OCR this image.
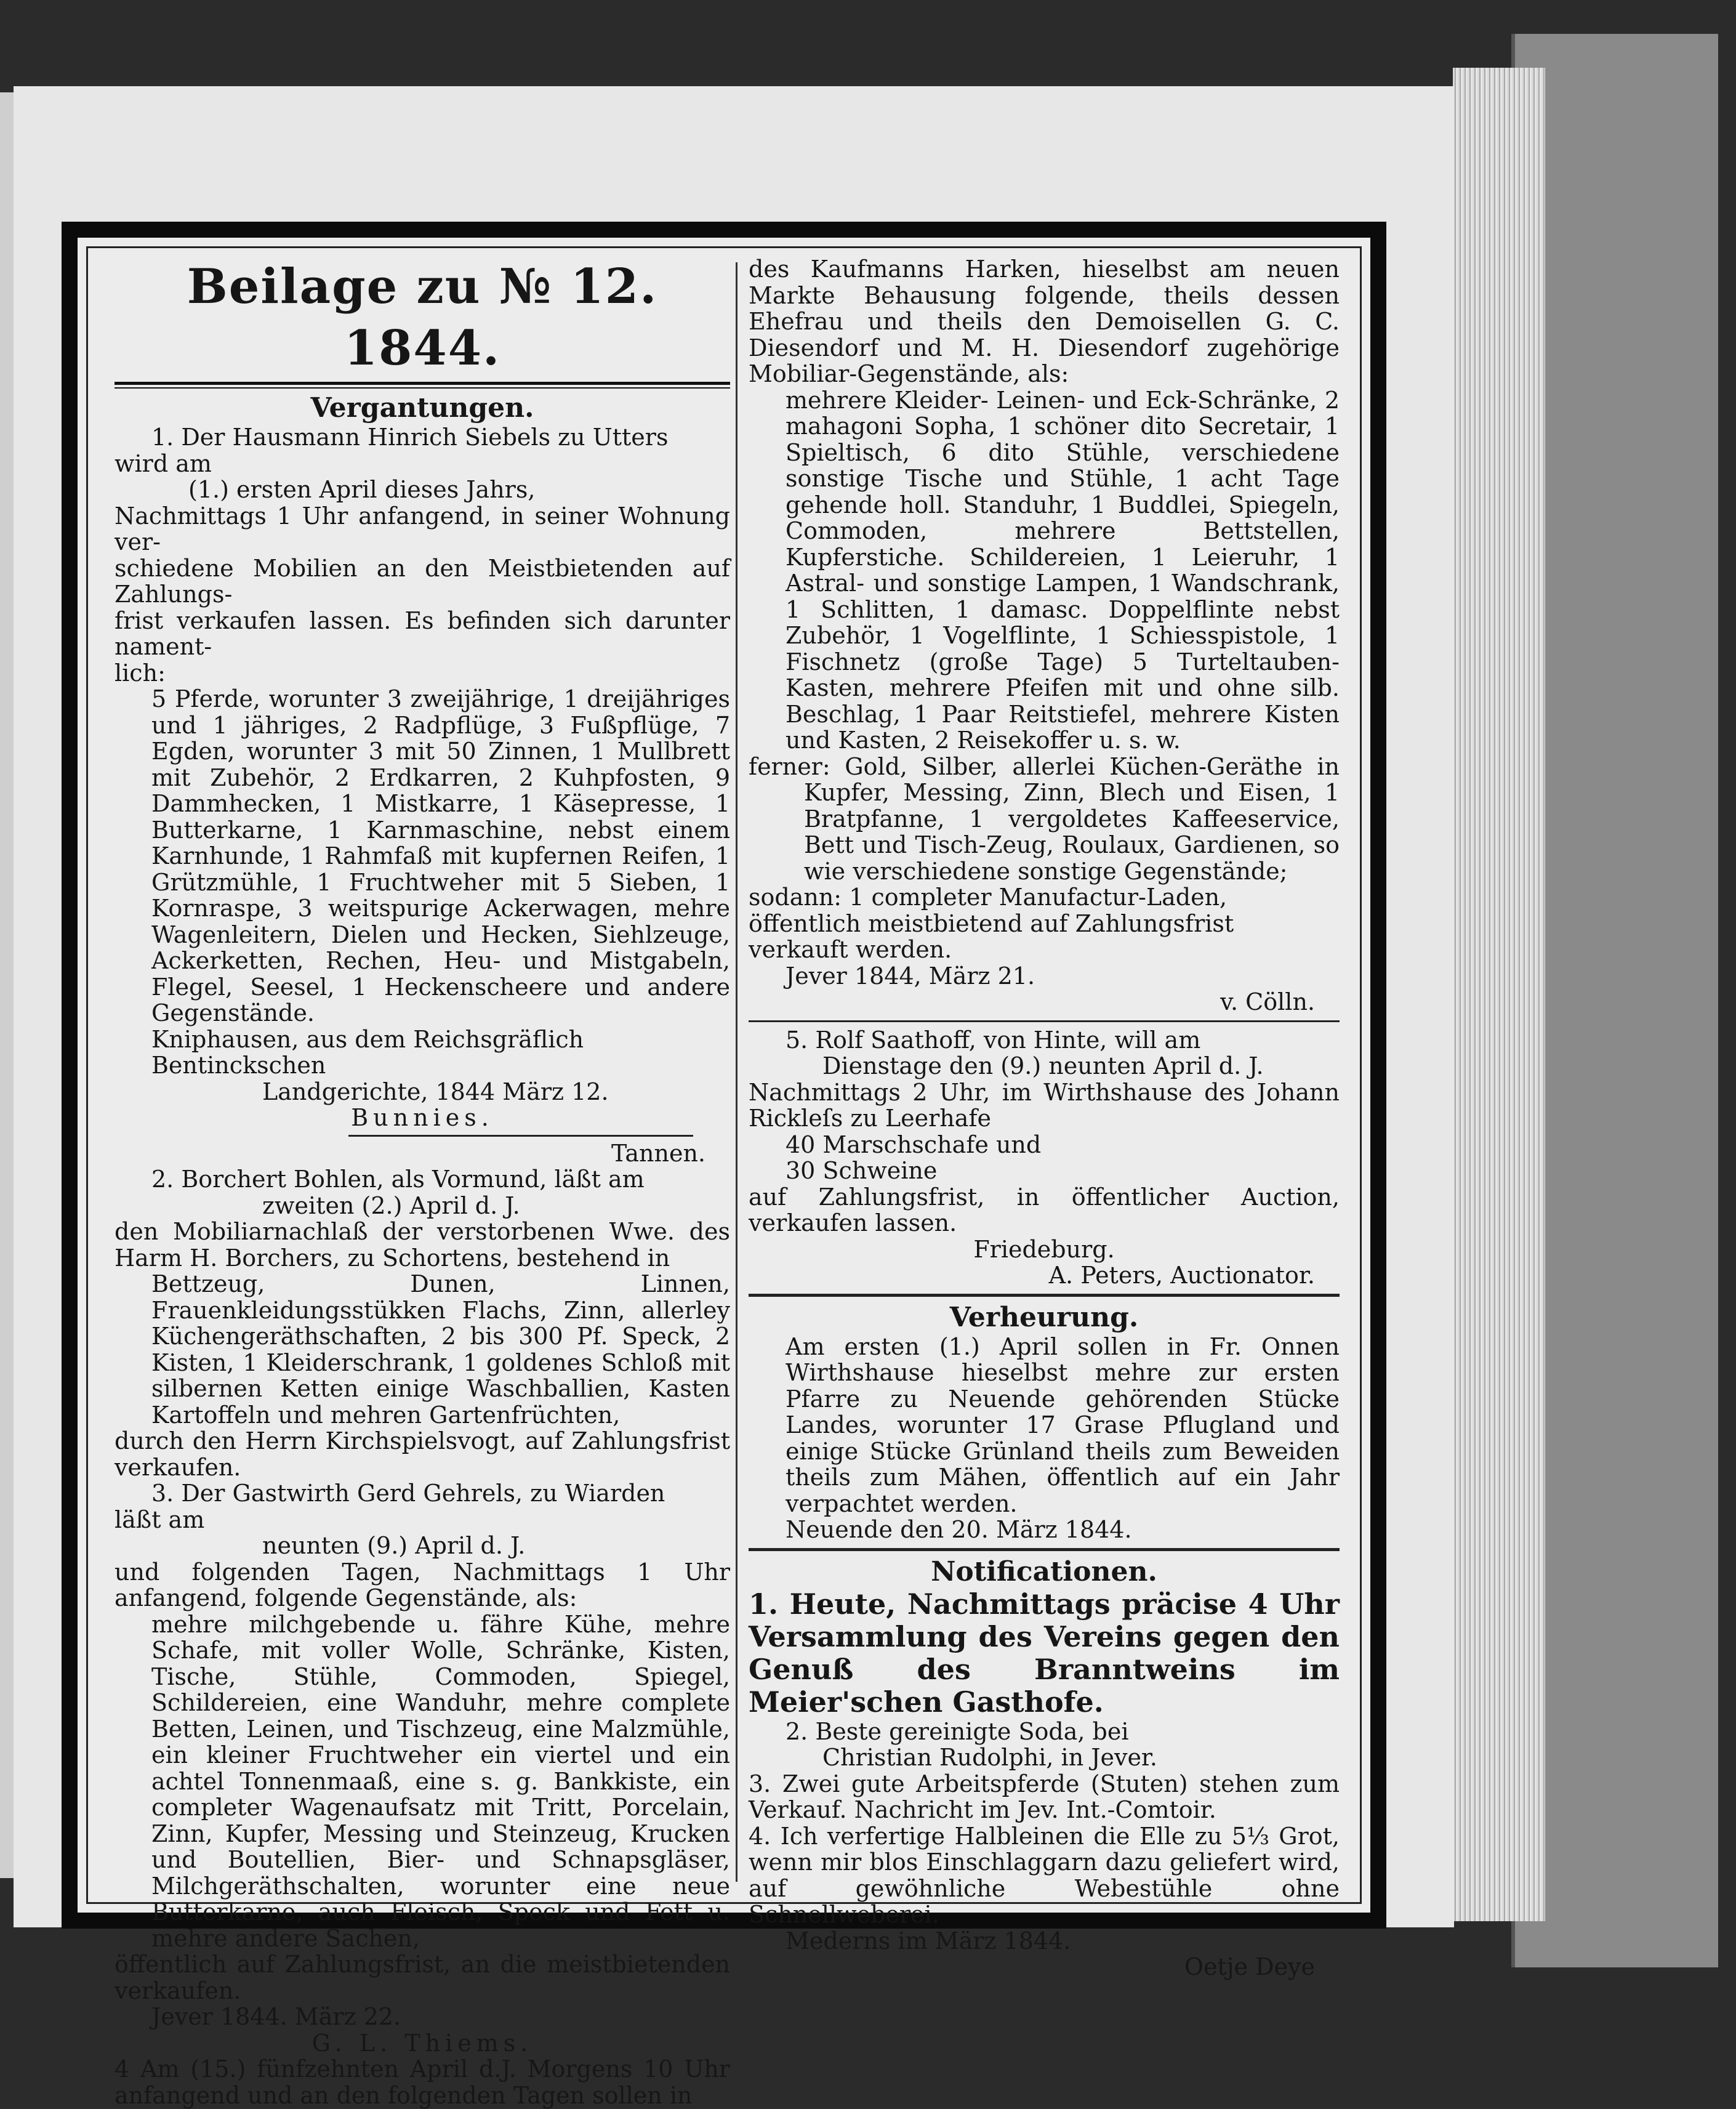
Beilage zu № 12. 1844.

Vergantungen.

1. Der Hausmann Hinrich Siebels zu Utters

wird am

(1.) ersten April dieses Jahrs,

Nachmittags 1 Uhr anfangend, in seiner Wohnung ver-

schiedene Mobilien an den Meistbietenden auf Zahlungs-

frist verkaufen lassen. Es befinden sich darunter nament-

lich:

5 Pferde, worunter 3 zweijährige, 1 dreijähriges und 1 jähriges, 2 Radpflüge, 3 Fußpflüge, 7 Egden, worunter 3 mit 50 Zinnen, 1 Mullbrett mit Zubehör, 2 Erdkarren, 2 Kuhpfosten, 9 Dammhecken, 1 Mistkarre, 1 Käsepresse, 1 Butterkarne, 1 Karnmaschine, nebst einem Karnhunde, 1 Rahmfaß mit kupfernen Reifen, 1 Grützmühle, 1 Fruchtweher mit 5 Sieben, 1 Kornraspe, 3 weitspurige Ackerwagen, mehre Wagenleitern, Dielen und Hecken, Siehlzeuge, Ackerketten, Rechen, Heu- und Mistgabeln, Flegel, Seesel, 1 Heckenscheere und andere Gegenstände.

Kniphausen, aus dem Reichsgräflich Bentinckschen

Landgerichte, 1844 März 12.

Bunnies.

Tannen.

2. Borchert Bohlen, als Vormund, läßt am

zweiten (2.) April d. J.

den Mobiliarnachlaß der verstorbenen Wwe. des Harm H. Borchers, zu Schortens, bestehend in

Bettzeug, Dunen, Linnen, Frauenkleidungsstükken Flachs, Zinn, allerley Küchengeräthschaften, 2 bis 300 Pf. Speck, 2 Kisten, 1 Kleiderschrank, 1 goldenes Schloß mit silbernen Ketten einige Waschballien, Kasten Kartoffeln und mehren Gartenfrüchten,

durch den Herrn Kirchspielsvogt, auf Zahlungsfrist verkaufen.

3. Der Gastwirth Gerd Gehrels, zu Wiarden

läßt am

neunten (9.) April d. J.

und folgenden Tagen, Nachmittags 1 Uhr anfangend, folgende Gegenstände, als:

mehre milchgebende u. fähre Kühe, mehre Schafe, mit voller Wolle, Schränke, Kisten, Tische, Stühle, Commoden, Spiegel, Schildereien, eine Wanduhr, mehre complete Betten, Leinen, und Tischzeug, eine Malzmühle, ein kleiner Fruchtweher ein viertel und ein achtel Tonnenmaaß, eine s. g. Bankkiste, ein completer Wagenaufsatz mit Tritt, Porcelain, Zinn, Kupfer, Messing und Steinzeug, Krucken und Boutellien, Bier- und Schnapsgläser, Milchgeräthschalten, worunter eine neue Butterkarne, auch Fleisch, Speck und Fett u. mehre andere Sachen,

öffentlich auf Zahlungsfrist, an die meistbietenden verkaufen.

Jever 1844. März 22.

G. L. Thiems.

4 Am (15.) fünfzehnten April d.J. Morgens 10 Uhr anfangend und an den folgenden Tagen sollen in

des Kaufmanns Harken, hieselbst am neuen Markte Behausung folgende, theils dessen Ehefrau und theils den Demoisellen G. C. Diesendorf und M. H. Diesendorf zugehörige Mobiliar-Gegenstände, als:

mehrere Kleider- Leinen- und Eck-Schränke, 2 mahagoni Sopha, 1 schöner dito Secretair, 1 Spieltisch, 6 dito Stühle, verschiedene sonstige Tische und Stühle, 1 acht Tage gehende holl. Standuhr, 1 Buddlei, Spiegeln, Commoden, mehrere Bettstellen, Kupferstiche. Schildereien, 1 Leieruhr, 1 Astral- und sonstige Lampen, 1 Wandschrank, 1 Schlitten, 1 damasc. Doppelflinte nebst Zubehör, 1 Vogelflinte, 1 Schiesspistole, 1 Fischnetz (große Tage) 5 Turteltauben-Kasten, mehrere Pfeifen mit und ohne silb. Beschlag, 1 Paar Reitstiefel, mehrere Kisten und Kasten, 2 Reisekoffer u. s. w.

ferner: Gold, Silber, allerlei Küchen-Geräthe in Kupfer, Messing, Zinn, Blech und Eisen, 1 Bratpfanne, 1 vergoldetes Kaffeeservice, Bett und Tisch-Zeug, Roulaux, Gardienen, so wie verschiedene sonstige Gegenstände;

sodann: 1 completer Manufactur-Laden,

öffentlich meistbietend auf Zahlungsfrist verkauft werden.

Jever 1844, März 21.

v. Cölln.

5. Rolf Saathoff, von Hinte, will am

Dienstage den (9.) neunten April d. J.

Nachmittags 2 Uhr, im Wirthshause des Johann Rickleſs zu Leerhafe

40 Marschschafe und

30 Schweine

auf Zahlungsfrist, in öffentlicher Auction, verkaufen lassen.

Friedeburg.

A. Peters, Auctionator.

Verheurung.

Am ersten (1.) April sollen in Fr. Onnen Wirthshause hieselbst mehre zur ersten Pfarre zu Neuende gehörenden Stücke Landes, worunter 17 Grase Pflugland und einige Stücke Grünland theils zum Beweiden theils zum Mähen, öffentlich auf ein Jahr verpachtet werden.

Neuende den 20. März 1844.

Notificationen.

1. Heute, Nachmittags präcise 4 Uhr Versammlung des Vereins gegen den Genuß des Branntweins im Meier'schen Gasthofe.

2. Beste gereinigte Soda, bei

Christian Rudolphi, in Jever.

3. Zwei gute Arbeitspferde (Stuten) stehen zum Verkauf. Nachricht im Jev. Int.-Comtoir.

4. Ich verfertige Halbleinen die Elle zu 5⅓ Grot, wenn mir blos Einschlaggarn dazu geliefert wird, auf gewöhnliche Webestühle ohne Schnellweberei.

Mederns im März 1844.

Oetje Deye
